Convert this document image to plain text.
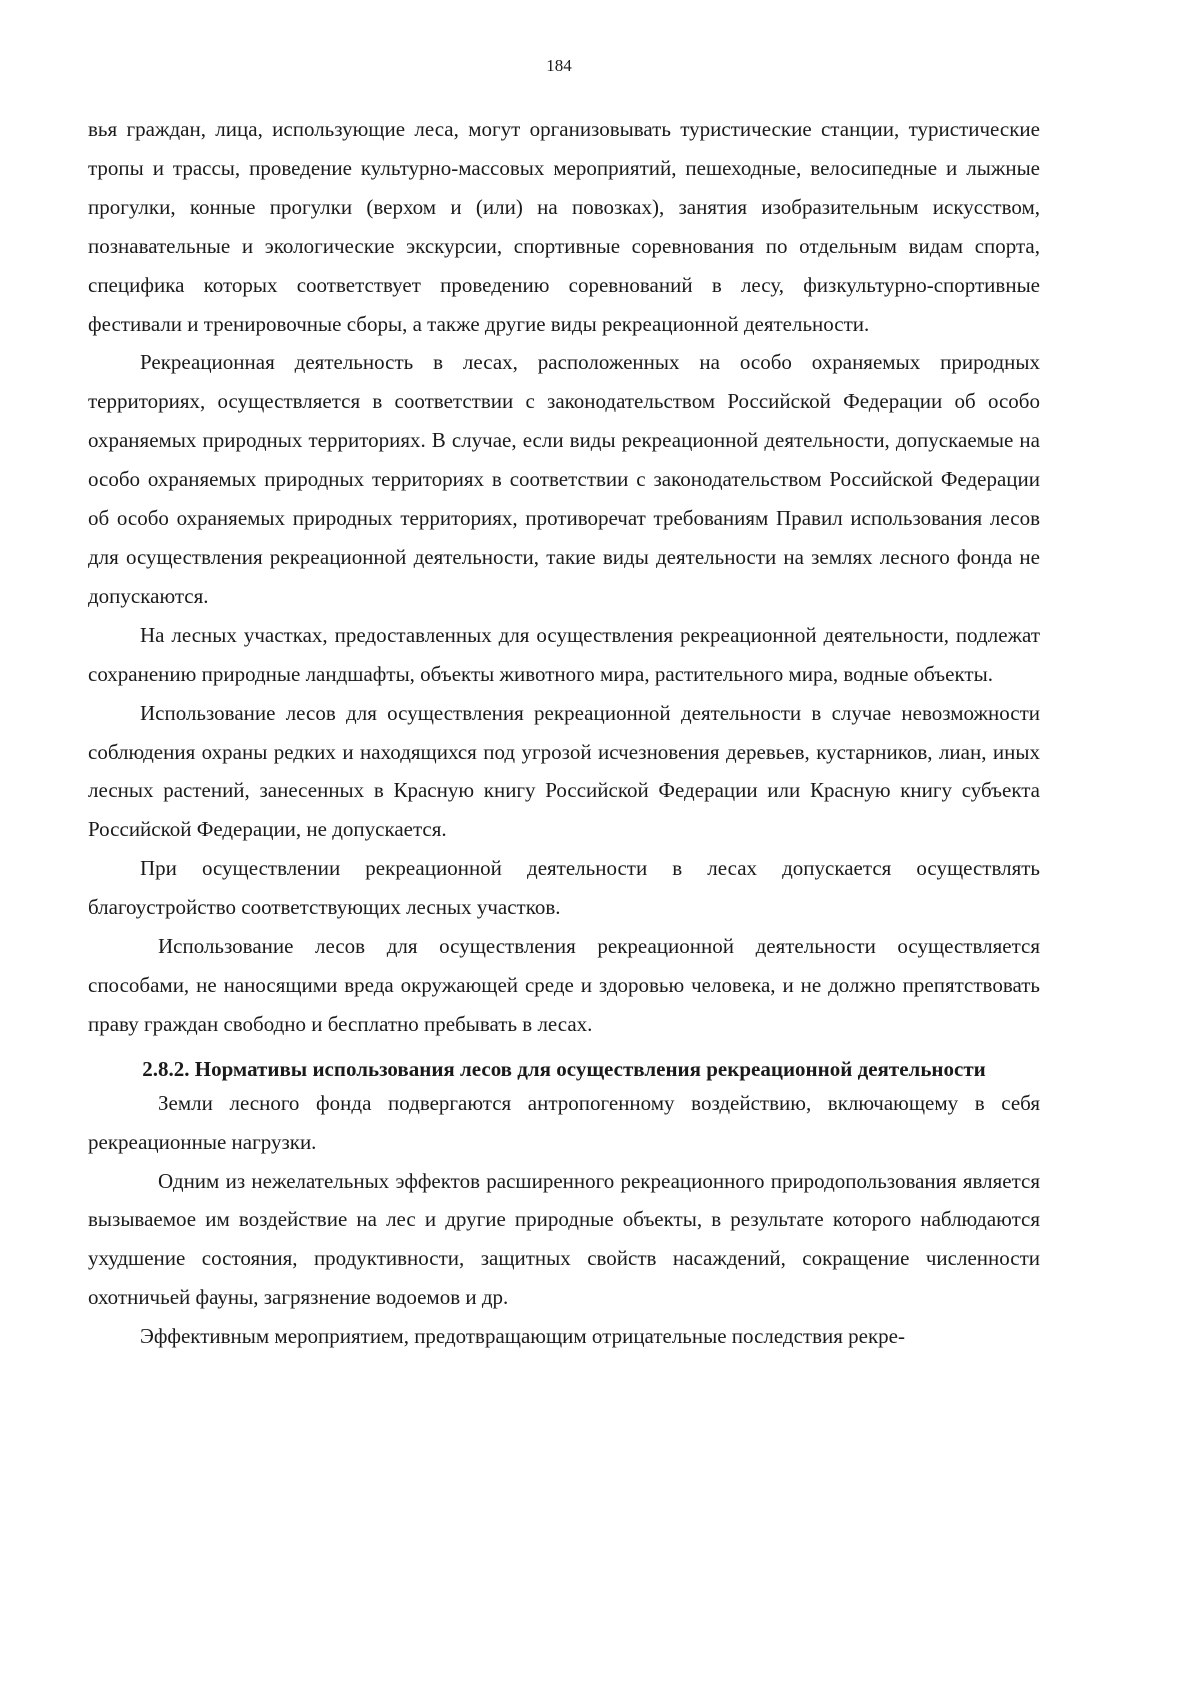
184

вья граждан, лица, использующие леса, могут организовывать туристические станции, туристические тропы и трассы, проведение культурно-массовых мероприятий, пешеходные, велосипедные и лыжные прогулки, конные прогулки (верхом и (или) на повозках), занятия изобразительным искусством, познавательные и экологические экскурсии, спортивные соревнования по отдельным видам спорта, специфика которых соответствует проведению соревнований в лесу, физкультурно-спортивные фестивали и тренировочные сборы, а также другие виды рекреационной деятельности.

Рекреационная деятельность в лесах, расположенных на особо охраняемых природных территориях, осуществляется в соответствии с законодательством Российской Федерации об особо охраняемых природных территориях. В случае, если виды рекреационной деятельности, допускаемые на особо охраняемых природных территориях в соответствии с законодательством Российской Федерации об особо охраняемых природных территориях, противоречат требованиям Правил использования лесов для осуществления рекреационной деятельности, такие виды деятельности на землях лесного фонда не допускаются.

На лесных участках, предоставленных для осуществления рекреационной деятельности, подлежат сохранению природные ландшафты, объекты животного мира, растительного мира, водные объекты.

Использование лесов для осуществления рекреационной деятельности в случае невозможности соблюдения охраны редких и находящихся под угрозой исчезновения деревьев, кустарников, лиан, иных лесных растений, занесенных в Красную книгу Российской Федерации или Красную книгу субъекта Российской Федерации, не допускается.

При осуществлении рекреационной деятельности в лесах допускается осуществлять благоустройство соответствующих лесных участков.

Использование лесов для осуществления рекреационной деятельности осуществляется способами, не наносящими вреда окружающей среде и здоровью человека, и не должно препятствовать праву граждан свободно и бесплатно пребывать в лесах.

2.8.2. Нормативы использования лесов для осуществления рекреационной деятельности

Земли лесного фонда подвергаются антропогенному воздействию, включающему в себя рекреационные нагрузки.

Одним из нежелательных эффектов расширенного рекреационного природопользования является вызываемое им воздействие на лес и другие природные объекты, в результате которого наблюдаются ухудшение состояния, продуктивности, защитных свойств насаждений, сокращение численности охотничьей фауны, загрязнение водоемов и др.

Эффективным мероприятием, предотвращающим отрицательные последствия рекре-
